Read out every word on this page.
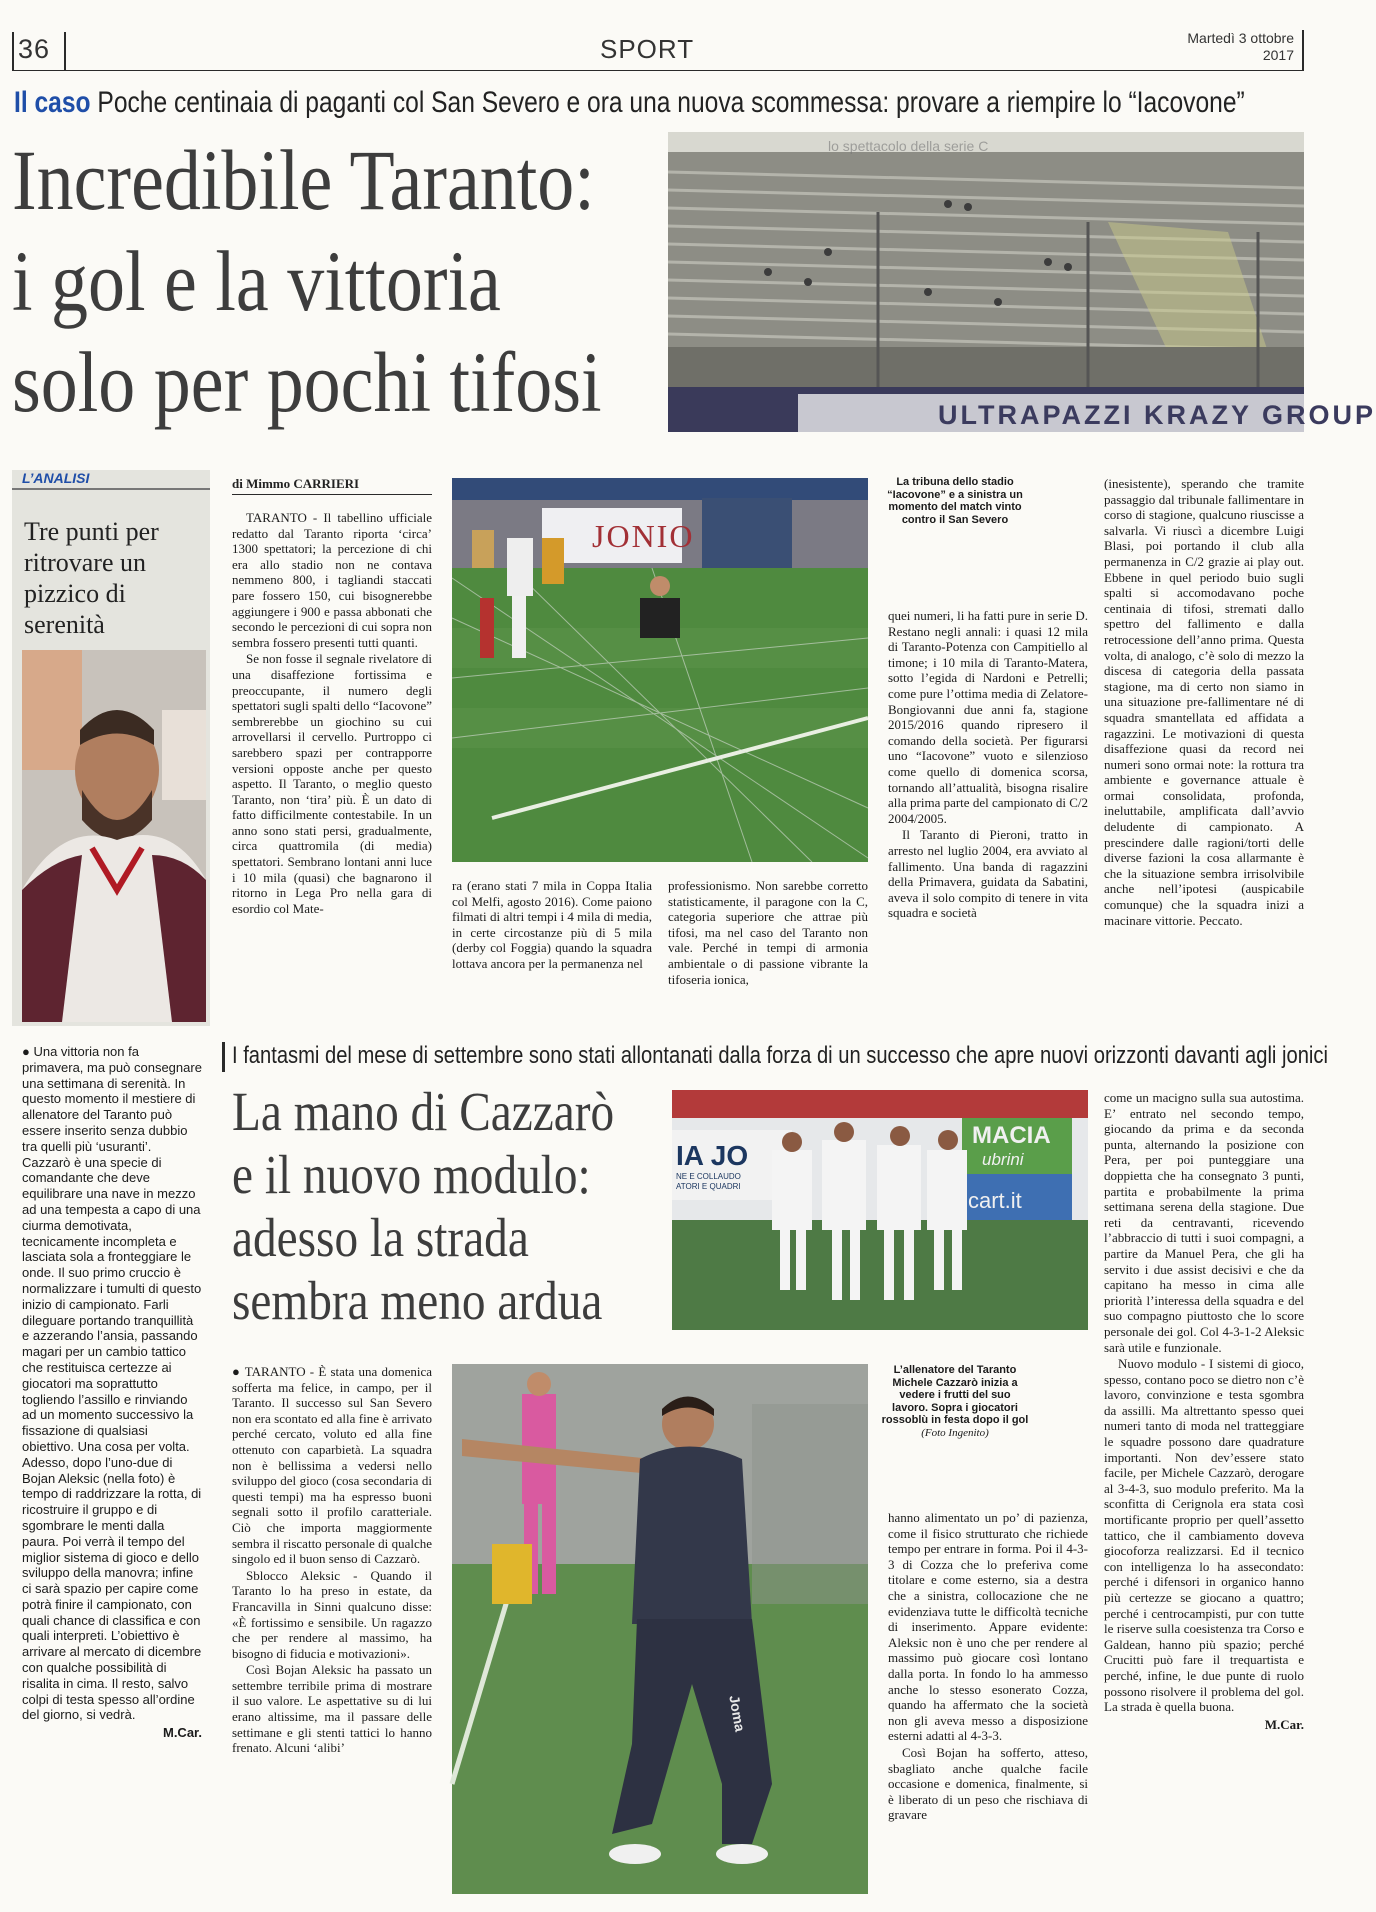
36	SPORT	Martedì 3 ottobre
2017
Il caso Poche centinaia di paganti col San Severo e ora una nuova scommessa: provare a riempire lo “Iacovone”
Incredibile Taranto:
i gol e la vittoria
solo per pochi tifosi
lo spettacolo della serie C
ULTRAPAZZI KRAZY GROUP
L’ANALISI
Tre punti per ritrovare un pizzico di serenità

● Una vittoria non fa primavera, ma può consegnare una settimana di serenità. In questo momento il mestiere di allenatore del Taranto può essere inserito senza dubbio tra quelli più ‘usuranti’. Cazzarò è una specie di comandante che deve equilibrare una nave in mezzo ad una tempesta a capo di una ciurma demotivata, tecnicamente incompleta e lasciata sola a fronteggiare le onde. Il suo primo cruccio è normalizzare i tumulti di questo inizio di campionato. Farli dileguare portando tranquillità e azzerando l’ansia, passando magari per un cambio tattico che restituisca certezze ai giocatori ma soprattutto togliendo l’assillo e rinviando ad un momento successivo la fissazione di qualsiasi obiettivo. Una cosa per volta. Adesso, dopo l’uno-due di Bojan Aleksic (nella foto) è tempo di raddrizzare la rotta, di ricostruire il gruppo e di sgombrare le menti dalla paura. Poi verrà il tempo del miglior sistema di gioco e dello sviluppo della manovra; infine ci sarà spazio per capire come potrà finire il campionato, con quali chance di classifica e con quali interpreti. L’obiettivo è arrivare al mercato di dicembre con qualche possibilità di risalita in cima. Il resto, salvo colpi di testa spesso all’ordine del giorno, si vedrà.

M.Car.
di Mimmo CARRIERI
JONIO
La tribuna dello stadio “Iacovone” e a sinistra un momento del match vinto contro il San Severo

TARANTO - Il tabellino ufficiale redatto dal Taranto riporta ‘circa’ 1300 spettatori; la percezione di chi era allo stadio non ne contava nemmeno 800, i tagliandi staccati pare fossero 150, cui bisognerebbe aggiungere i 900 e passa abbonati che secondo le percezioni di cui sopra non sembra fossero presenti tutti quanti.

Se non fosse il segnale rivelatore di una disaffezione fortissima e preoccupante, il numero degli spettatori sugli spalti dello “Iacovone” sembrerebbe un giochino su cui arrovellarsi il cervello. Purtroppo ci sarebbero spazi per contrapporre versioni opposte anche per questo aspetto. Il Taranto, o meglio questo Taranto, non ‘tira’ più. È un dato di fatto difficilmente contestabile. In un anno sono stati persi, gradualmente, circa quattromila (di media) spettatori. Sembrano lontani anni luce i 10 mila (quasi) che bagnarono il ritorno in Lega Pro nella gara di esordio col Mate-

ra (erano stati 7 mila in Coppa Italia col Melfi, agosto 2016). Come paiono filmati di altri tempi i 4 mila di media, in certe circostanze più di 5 mila (derby col Foggia) quando la squadra lottava ancora per la permanenza nel

professionismo. Non sarebbe corretto statisticamente, il paragone con la C, categoria superiore che attrae più tifosi, ma nel caso del Taranto non vale. Perché in tempi di armonia ambientale o di passione vibrante la tifoseria ionica,

quei numeri, li ha fatti pure in serie D. Restano negli annali: i quasi 12 mila di Taranto-Potenza con Campitiello al timone; i 10 mila di Taranto-Matera, sotto l’egida di Nardoni e Petrelli; come pure l’ottima media di Zelatore-Bongiovanni due anni fa, stagione 2015/2016 quando ripresero il comando della società. Per figurarsi uno “Iacovone” vuoto e silenzioso come quello di domenica scorsa, tornando all’attualità, bisogna risalire alla prima parte del campionato di C/2 2004/2005.

Il Taranto di Pieroni, tratto in arresto nel luglio 2004, era avviato al fallimento. Una banda di ragazzini della Primavera, guidata da Sabatini, aveva il solo compito di tenere in vita squadra e società

(inesistente), sperando che tramite passaggio dal tribunale fallimentare in corso di stagione, qualcuno riuscisse a salvarla. Vi riuscì a dicembre Luigi Blasi, poi portando il club alla permanenza in C/2 grazie ai play out. Ebbene in quel periodo buio sugli spalti si accomodavano poche centinaia di tifosi, stremati dallo spettro del fallimento e dalla retrocessione dell’anno prima. Questa volta, di analogo, c’è solo di mezzo la discesa di categoria della passata stagione, ma di certo non siamo in una situazione pre-fallimentare né di squadra smantellata ed affidata a ragazzini. Le motivazioni di questa disaffezione quasi da record nei numeri sono ormai note: la rottura tra ambiente e governance attuale è ormai consolidata, profonda, ineluttabile, amplificata dall’avvio deludente di campionato. A prescindere dalle ragioni/torti delle diverse fazioni la cosa allarmante è che la situazione sembra irrisolvibile anche nell’ipotesi (auspicabile comunque) che la squadra inizi a macinare vittorie. Peccato.

I fantasmi del mese di settembre sono stati allontanati dalla forza di un successo che apre nuovi orizzonti davanti agli jonici
La mano di Cazzarò
e il nuovo modulo:
adesso la strada
sembra meno ardua
IA JO
MACIA
ubrini
cart.it
NE E COLLAUDO
ATORI E QUADRI
Joma
L’allenatore del Taranto Michele Cazzarò inizia a vedere i frutti del suo lavoro. Sopra i giocatori rossoblù in festa dopo il gol
(Foto Ingenito)

● TARANTO - È stata una domenica sofferta ma felice, in campo, per il Taranto. Il successo sul San Severo non era scontato ed alla fine è arrivato perché cercato, voluto ed alla fine ottenuto con caparbietà. La squadra non è bellissima a vedersi nello sviluppo del gioco (cosa secondaria di questi tempi) ma ha espresso buoni segnali sotto il profilo caratteriale. Ciò che importa maggiormente sembra il riscatto personale di qualche singolo ed il buon senso di Cazzarò.

Sblocco Aleksic - Quando il Taranto lo ha preso in estate, da Francavilla in Sinni qualcuno disse: «È fortissimo e sensibile. Un ragazzo che per rendere al massimo, ha bisogno di fiducia e motivazioni».

Così Bojan Aleksic ha passato un settembre terribile prima di mostrare il suo valore. Le aspettative su di lui erano altissime, ma il passare delle settimane e gli stenti tattici lo hanno frenato. Alcuni ‘alibi’

hanno alimentato un po’ di pazienza, come il fisico strutturato che richiede tempo per entrare in forma. Poi il 4-3-3 di Cozza che lo preferiva come titolare e come esterno, sia a destra che a sinistra, collocazione che ne evidenziava tutte le difficoltà tecniche di inserimento. Appare evidente: Aleksic non è uno che per rendere al massimo può giocare così lontano dalla porta. In fondo lo ha ammesso anche lo stesso esonerato Cozza, quando ha affermato che la società non gli aveva messo a disposizione esterni adatti al 4-3-3.

Così Bojan ha sofferto, atteso, sbagliato anche qualche facile occasione e domenica, finalmente, si è liberato di un peso che rischiava di gravare

come un macigno sulla sua autostima. E’ entrato nel secondo tempo, giocando da prima e da seconda punta, alternando la posizione con Pera, per poi punteggiare una doppietta che ha consegnato 3 punti, partita e probabilmente la prima settimana serena della stagione. Due reti da centravanti, ricevendo l’abbraccio di tutti i suoi compagni, a partire da Manuel Pera, che gli ha servito i due assist decisivi e che da capitano ha messo in cima alle priorità l’interessa della squadra e del suo compagno piuttosto che lo score personale dei gol. Col 4-3-1-2 Aleksic sarà utile e funzionale.

Nuovo modulo - I sistemi di gioco, spesso, contano poco se dietro non c’è lavoro, convinzione e testa sgombra da assilli. Ma altrettanto spesso quei numeri tanto di moda nel tratteggiare le squadre possono dare quadrature importanti. Non dev’essere stato facile, per Michele Cazzarò, derogare al 3-4-3, suo modulo preferito. Ma la sconfitta di Cerignola era stata così mortificante proprio per quell’assetto tattico, che il cambiamento doveva giocoforza realizzarsi. Ed il tecnico con intelligenza lo ha assecondato: perché i difensori in organico hanno più certezze se giocano a quattro; perché i centrocampisti, pur con tutte le riserve sulla coesistenza tra Corso e Galdean, hanno più spazio; perché Crucitti può fare il trequartista e perché, infine, le due punte di ruolo possono risolvere il problema del gol. La strada è quella buona.

M.Car.
